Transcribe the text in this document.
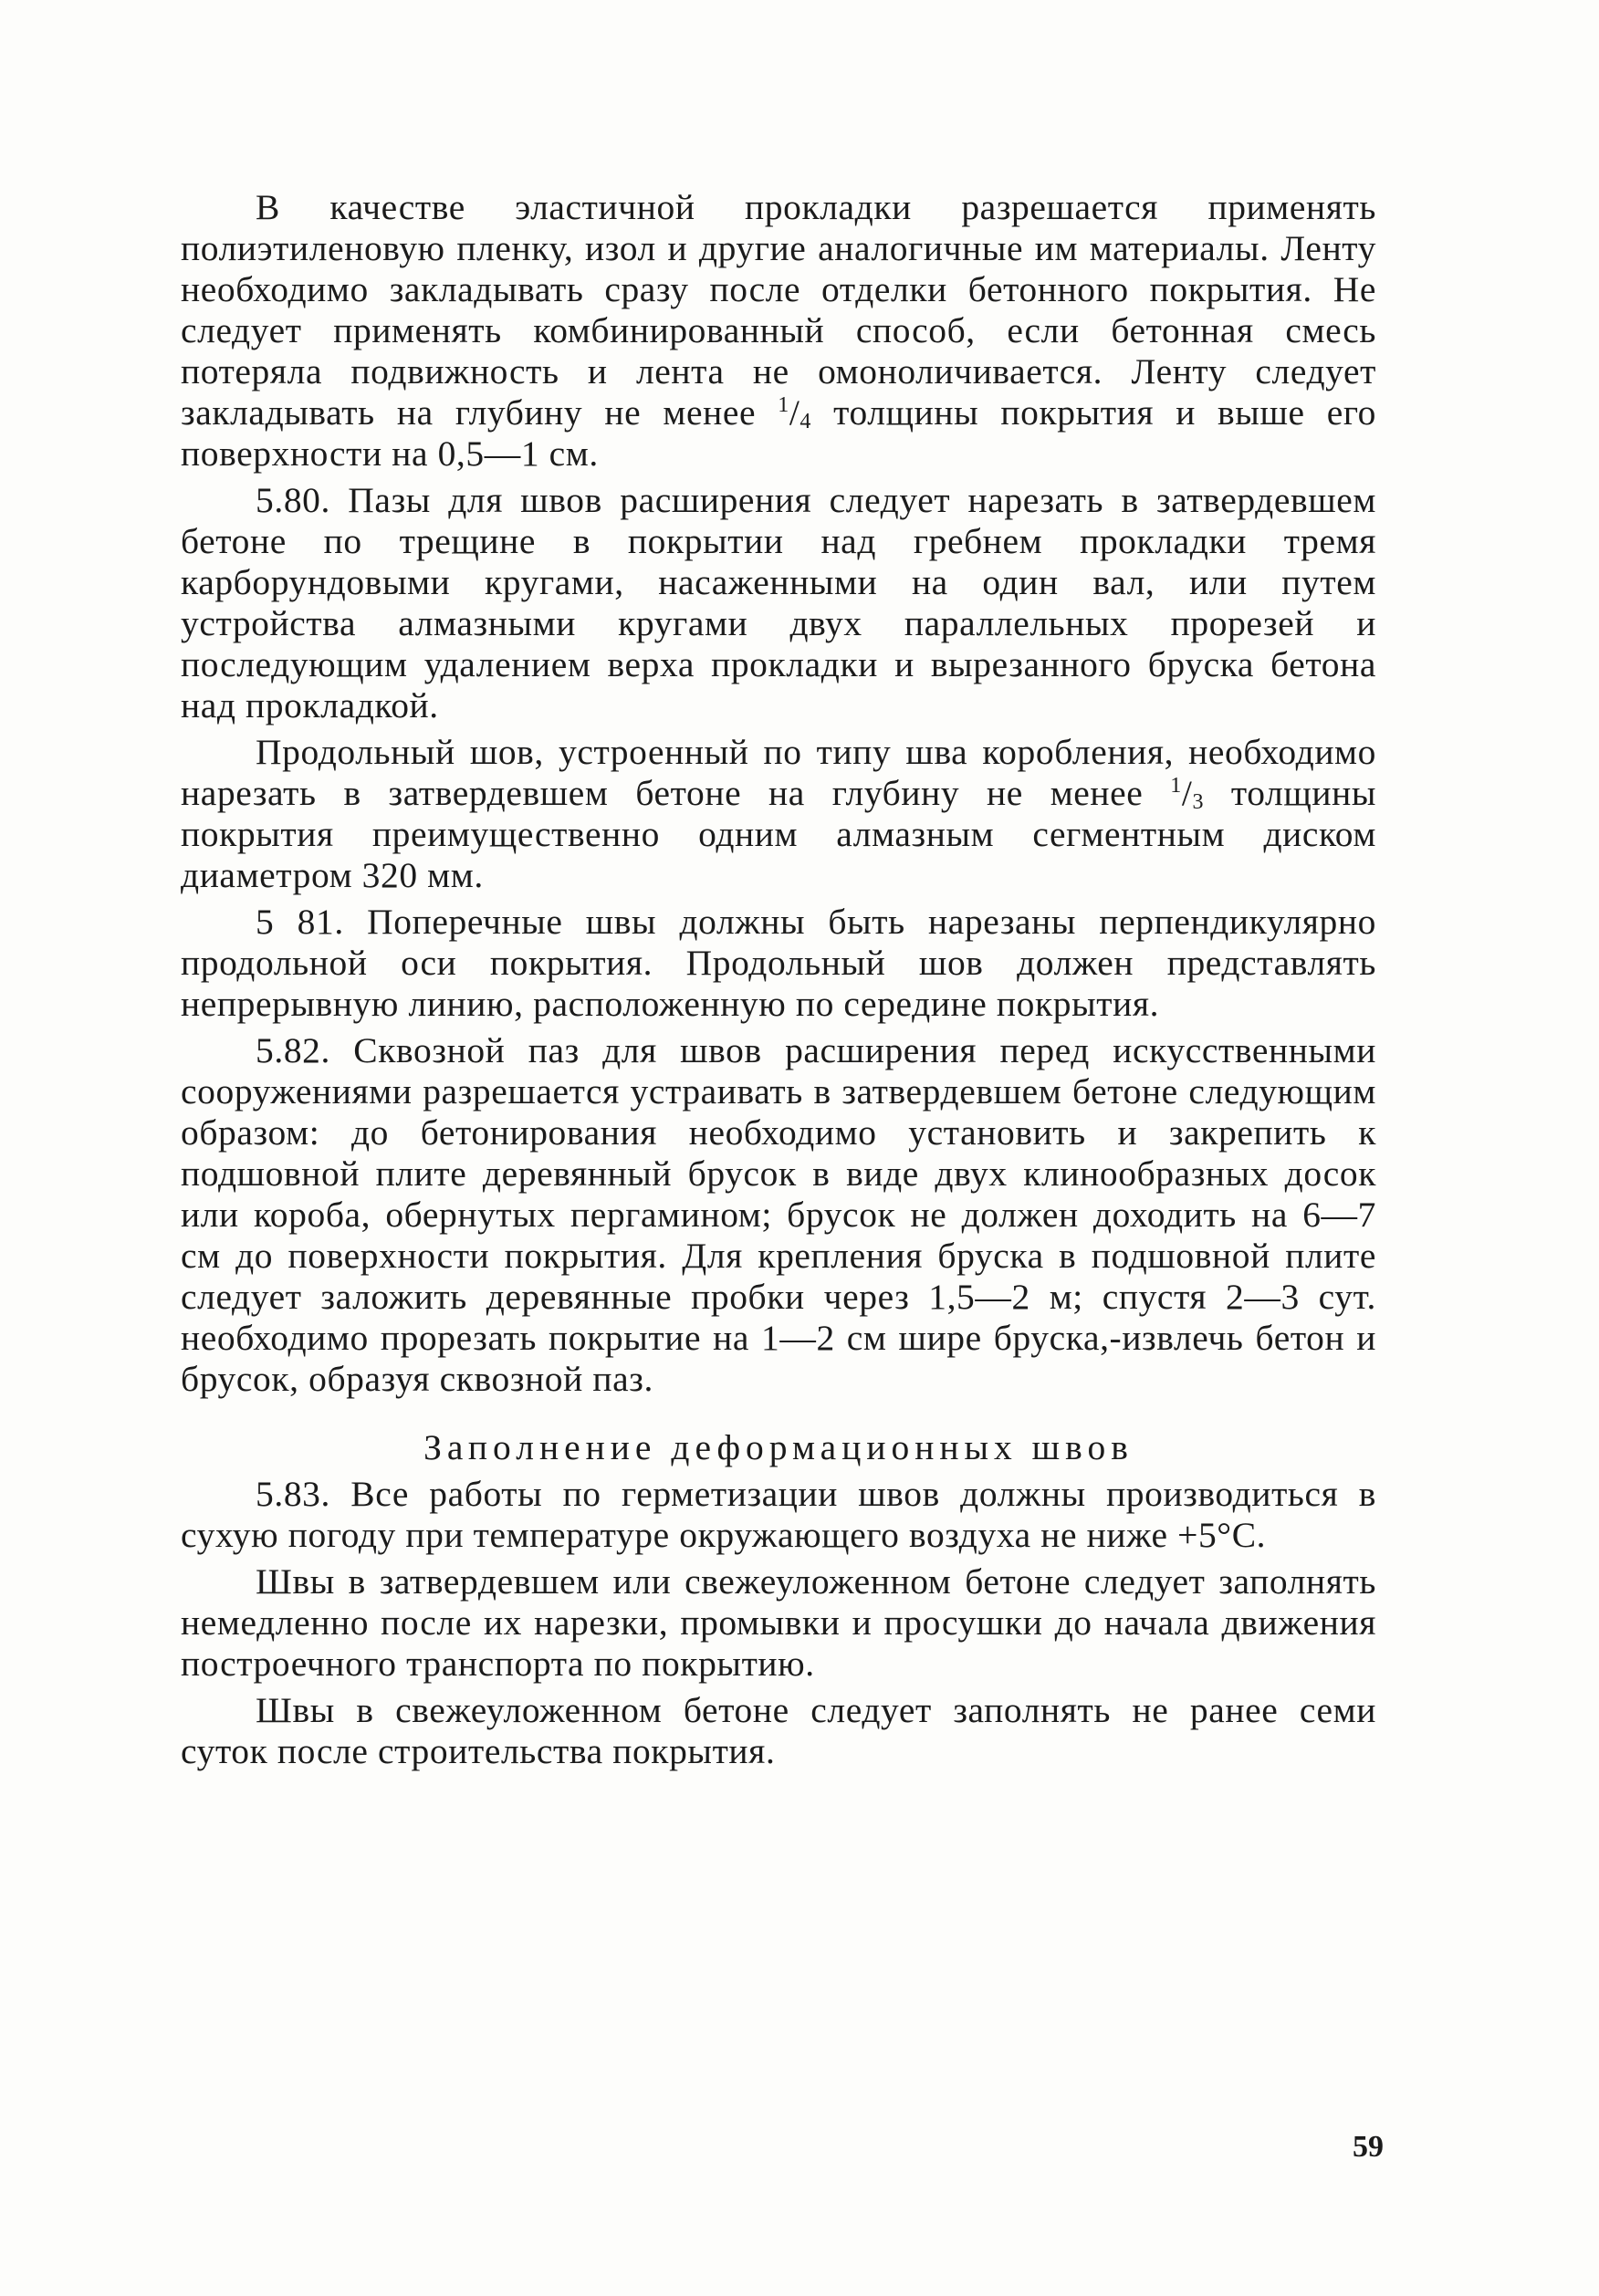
В качестве эластичной прокладки разрешается применять полиэтиленовую пленку, изол и другие аналогичные им материалы. Ленту необходимо закладывать сразу после отделки бетонного покрытия. Не следует применять комбинированный способ, если бетонная смесь потеряла подвижность и лента не омоноличивается. Ленту следует закладывать на глубину не менее $^1/_4$ толщины покрытия и выше его поверхности на 0,5—1 см.

5.80. Пазы для швов расширения следует нарезать в затвердевшем бетоне по трещине в покрытии над гребнем прокладки тремя карборундовыми кругами, насаженными на один вал, или путем устройства алмазными кругами двух параллельных прорезей и последующим удалением верха прокладки и вырезанного бруска бетона над прокладкой.

Продольный шов, устроенный по типу шва коробления, необходимо нарезать в затвердевшем бетоне на глубину не менее $^1/_3$ толщины покрытия преимущественно одним алмазным сегментным диском диаметром 320 мм.

5 81. Поперечные швы должны быть нарезаны перпендикулярно продольной оси покрытия. Продольный шов должен представлять непрерывную линию, расположенную по середине покрытия.

5.82. Сквозной паз для швов расширения перед искусственными сооружениями разрешается устраивать в затвердевшем бетоне следующим образом: до бетонирования необходимо установить и закрепить к подшовной плите деревянный брусок в виде двух клинообразных досок или короба, обернутых пергамином; брусок не должен доходить на 6—7 см до поверхности покрытия. Для крепления бруска в подшовной плите следует заложить деревянные пробки через 1,5—2 м; спустя 2—3 сут. необходимо прорезать покрытие на 1—2 см шире бруска,-извлечь бетон и брусок, образуя сквозной паз.

Заполнение деформационных швов

5.83. Все работы по герметизации швов должны производиться в сухую погоду при температуре окружающего воздуха не ниже +5°С.

Швы в затвердевшем или свежеуложенном бетоне следует заполнять немедленно после их нарезки, промывки и просушки до начала движения построечного транспорта по покрытию.

Швы в свежеуложенном бетоне следует заполнять не ранее семи суток после строительства покрытия.

59
